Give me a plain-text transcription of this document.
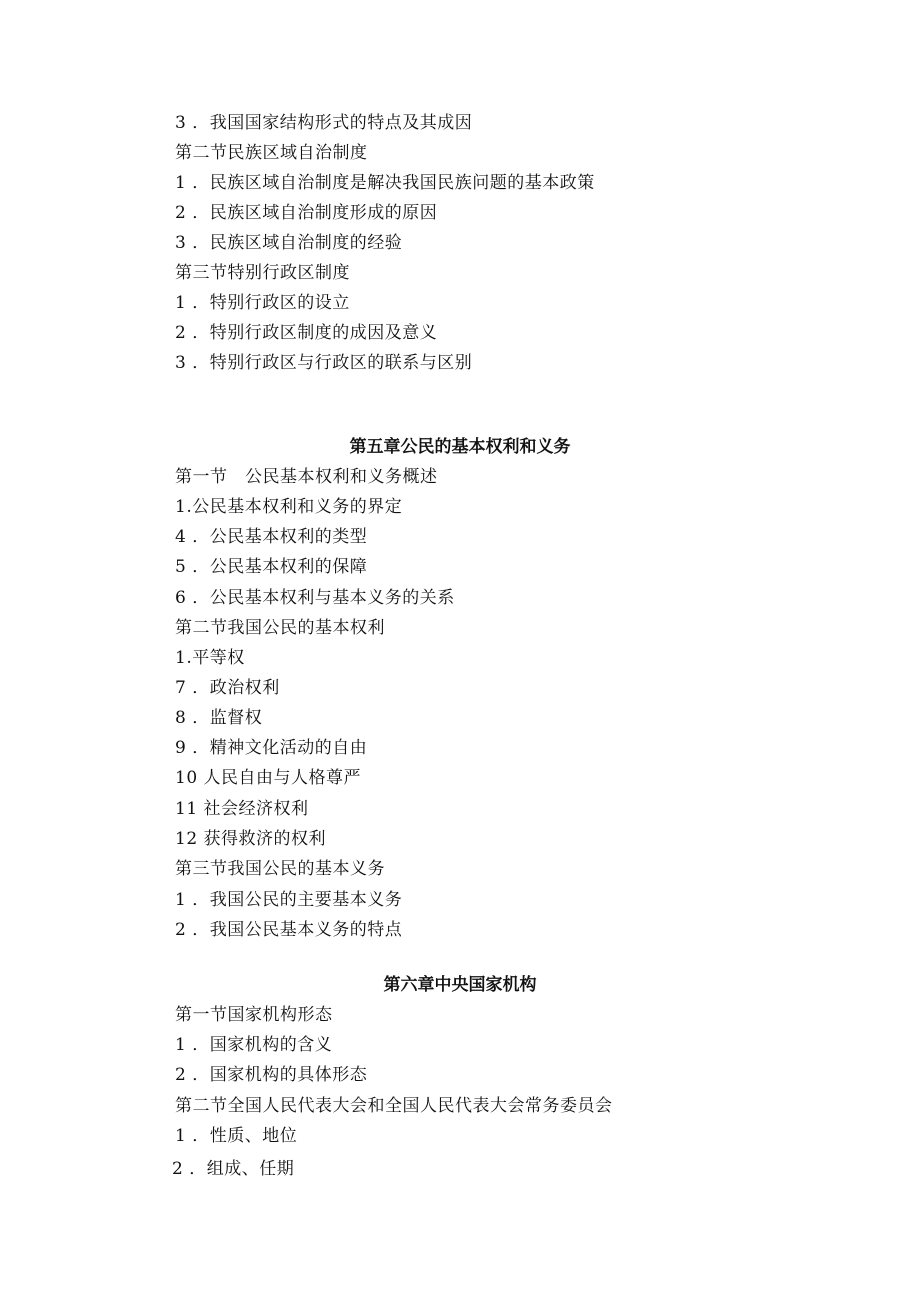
3 ．我国国家结构形式的特点及其成因
第二节民族区域自治制度
1 ．民族区域自治制度是解决我国民族问题的基本政策
2 ．民族区域自治制度形成的原因
3 ．民族区域自治制度的经验
第三节特别行政区制度
1 ．特别行政区的设立
2 ．特别行政区制度的成因及意义
3 ．特别行政区与行政区的联系与区别
第五章公民的基本权利和义务
第一节　公民基本权利和义务概述
1.公民基本权利和义务的界定
4 ．公民基本权利的类型
5 ．公民基本权利的保障
6 ．公民基本权利与基本义务的关系
第二节我国公民的基本权利
1.平等权
7 ．政治权利
8 ．监督权
9 ．精神文化活动的自由
10 人民自由与人格尊严
11 社会经济权利
12 获得救济的权利
第三节我国公民的基本义务
1 ．我国公民的主要基本义务
2 ．我国公民基本义务的特点
第六章中央国家机构
第一节国家机构形态
1 ．国家机构的含义
2 ．国家机构的具体形态
第二节全国人民代表大会和全国人民代表大会常务委员会
1 ．性质、地位
2 ．组成、任期
